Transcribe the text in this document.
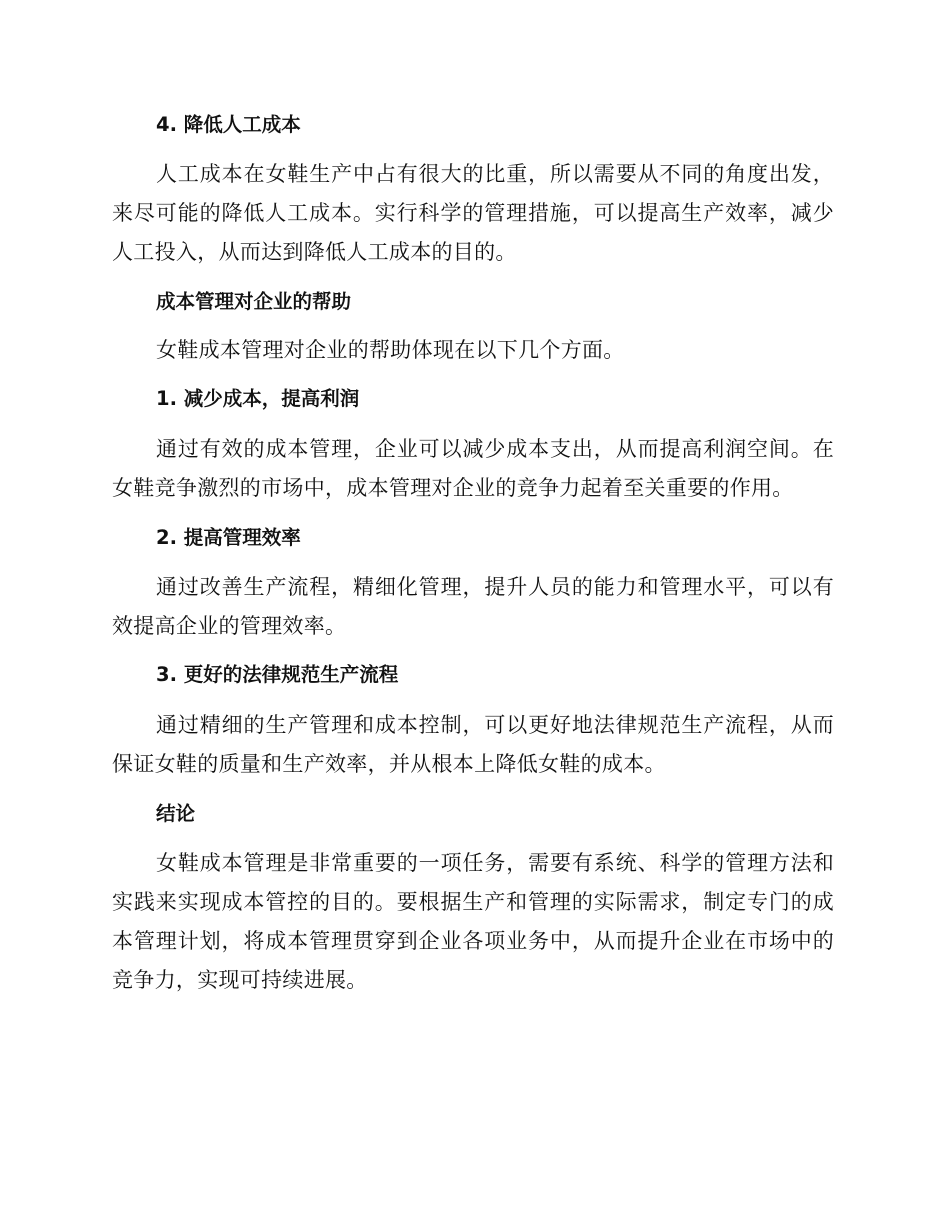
4. 降低人工成本

人工成本在女鞋生产中占有很大的比重，所以需要从不同的角度出发，来尽可能的降低人工成本。实行科学的管理措施，可以提高生产效率，减少人工投入，从而达到降低人工成本的目的。

成本管理对企业的帮助

女鞋成本管理对企业的帮助体现在以下几个方面。

1. 减少成本，提高利润

通过有效的成本管理，企业可以减少成本支出，从而提高利润空间。在女鞋竞争激烈的市场中，成本管理对企业的竞争力起着至关重要的作用。

2. 提高管理效率

通过改善生产流程，精细化管理，提升人员的能力和管理水平，可以有效提高企业的管理效率。

3. 更好的法律规范生产流程

通过精细的生产管理和成本控制，可以更好地法律规范生产流程，从而保证女鞋的质量和生产效率，并从根本上降低女鞋的成本。

结论

女鞋成本管理是非常重要的一项任务，需要有系统、科学的管理方法和实践来实现成本管控的目的。要根据生产和管理的实际需求，制定专门的成本管理计划，将成本管理贯穿到企业各项业务中，从而提升企业在市场中的竞争力，实现可持续进展。
